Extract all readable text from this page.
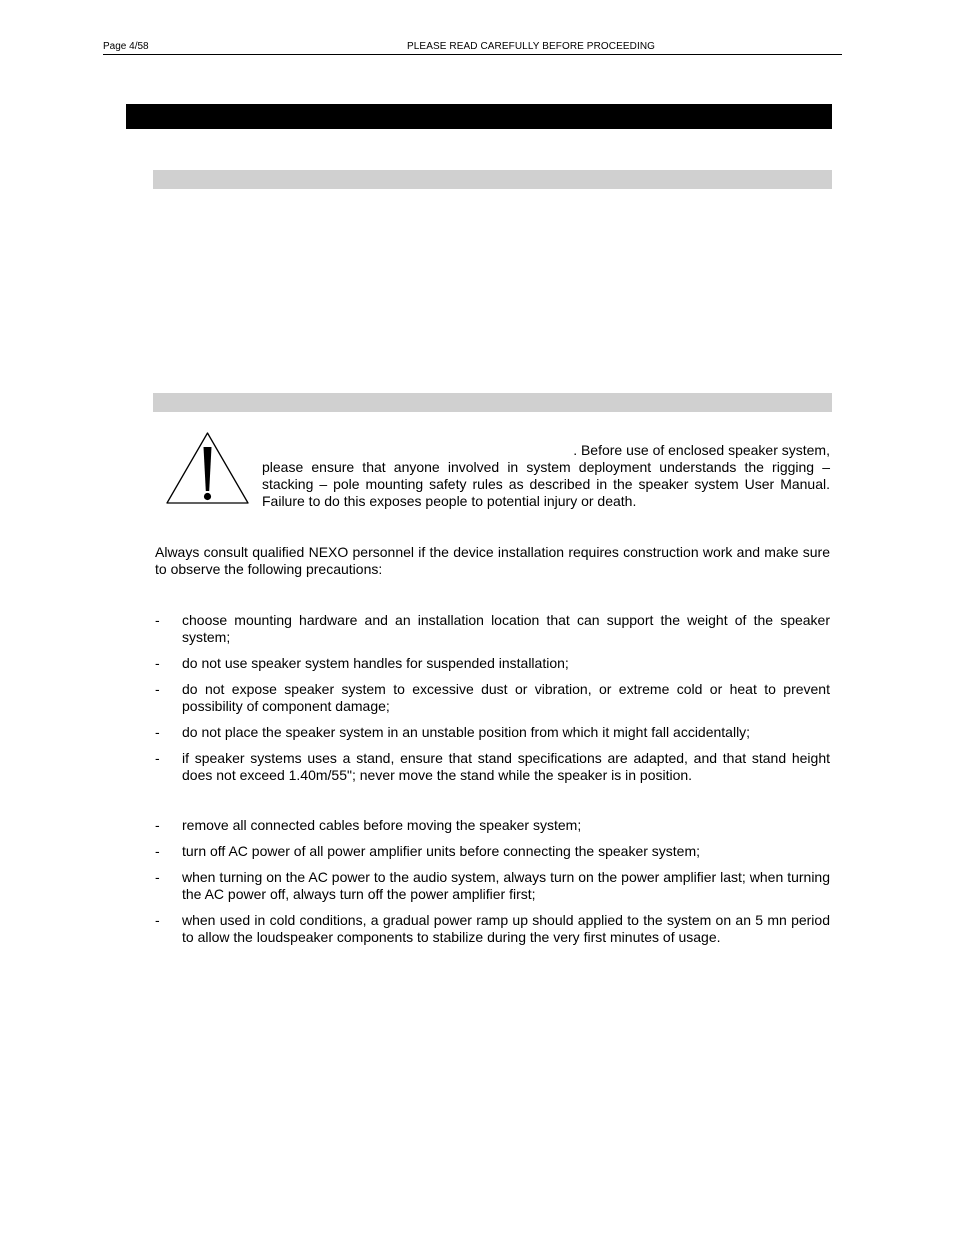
Page 4/58	PLEASE READ CAREFULLY BEFORE PROCEEDING

. Before use of enclosed speaker system,
please ensure that anyone involved in system deployment understands the rigging – stacking – pole mounting safety rules as described in the speaker system User Manual. Failure to do this exposes people to potential injury or death.

Always consult qualified NEXO personnel if the device installation requires construction work and make sure to observe the following precautions:

- choose mounting hardware and an installation location that can support the weight of the speaker system;
- do not use speaker system handles for suspended installation;
- do not expose speaker system to excessive dust or vibration, or extreme cold or heat to prevent possibility of component damage;
- do not place the speaker system in an unstable position from which it might fall accidentally;
- if speaker systems uses a stand, ensure that stand specifications are adapted, and that stand height does not exceed 1.40m/55"; never move the stand while the speaker is in position.
- remove all connected cables before moving the speaker system;
- turn off AC power of all power amplifier units before connecting the speaker system;
- when turning on the AC power to the audio system, always turn on the power amplifier last; when turning the AC power off, always turn off the power amplifier first;
- when used in cold conditions, a gradual power ramp up should applied to the system on an 5 mn period to allow the loudspeaker components to stabilize during the very first minutes of usage.
